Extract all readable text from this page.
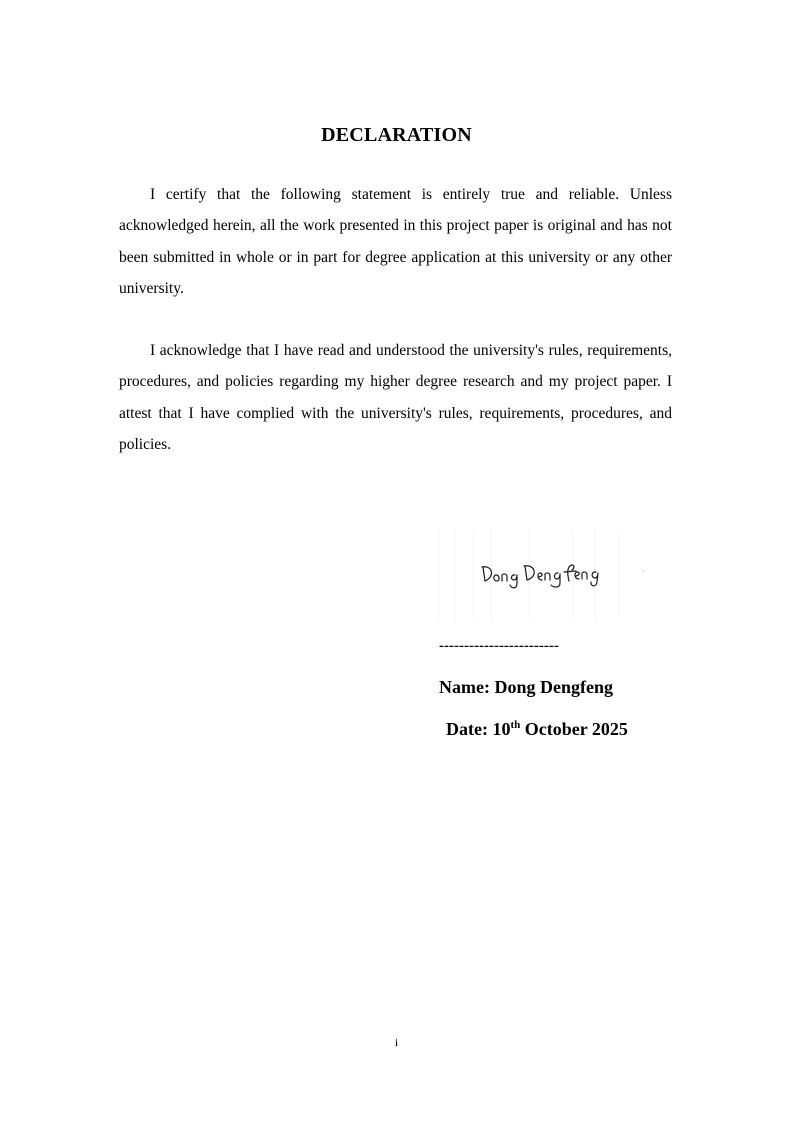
DECLARATION

I certify that the following statement is entirely true and reliable. Unless acknowledged herein, all the work presented in this project paper is original and has not been submitted in whole or in part for degree application at this university or any other university.

I acknowledge that I have read and understood the university's rules, requirements, procedures, and policies regarding my higher degree research and my project paper. I attest that I have complied with the university's rules, requirements, procedures, and policies.

------------------------

Name: Dong Dengfeng

Date: 10th October 2025

i
